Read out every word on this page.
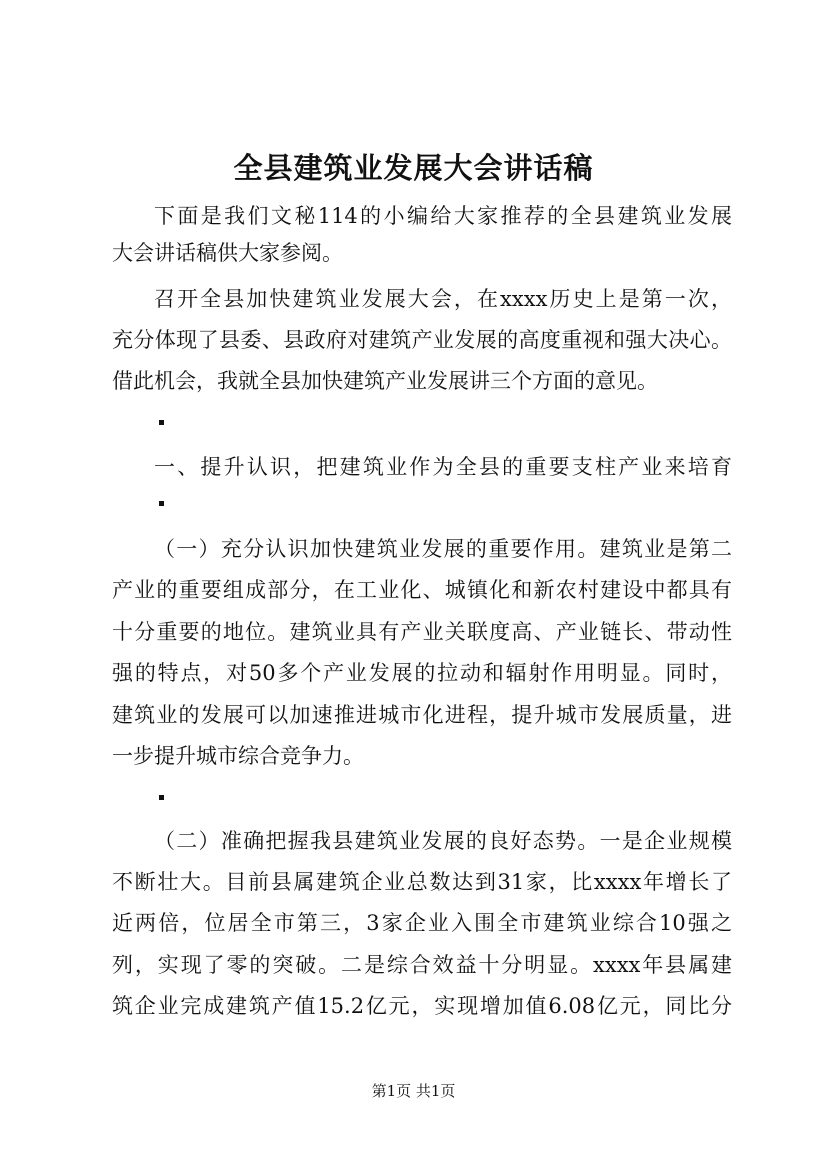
全县建筑业发展大会讲话稿
下面是我们文秘114的小编给大家推荐的全县建筑业发展
大会讲话稿供大家参阅。
召开全县加快建筑业发展大会，在xxxx历史上是第一次，
充分体现了县委、县政府对建筑产业发展的高度重视和强大决心。
借此机会，我就全县加快建筑产业发展讲三个方面的意见。
一、提升认识，把建筑业作为全县的重要支柱产业来培育
（一）充分认识加快建筑业发展的重要作用。建筑业是第二
产业的重要组成部分，在工业化、城镇化和新农村建设中都具有
十分重要的地位。建筑业具有产业关联度高、产业链长、带动性
强的特点，对50多个产业发展的拉动和辐射作用明显。同时，
建筑业的发展可以加速推进城市化进程，提升城市发展质量，进
一步提升城市综合竞争力。
（二）准确把握我县建筑业发展的良好态势。一是企业规模
不断壮大。目前县属建筑企业总数达到31家，比xxxx年增长了
近两倍，位居全市第三，3家企业入围全市建筑业综合10强之
列，实现了零的突破。二是综合效益十分明显。xxxx年县属建
筑企业完成建筑产值15.2亿元，实现增加值6.08亿元，同比分
第1页 共1页
